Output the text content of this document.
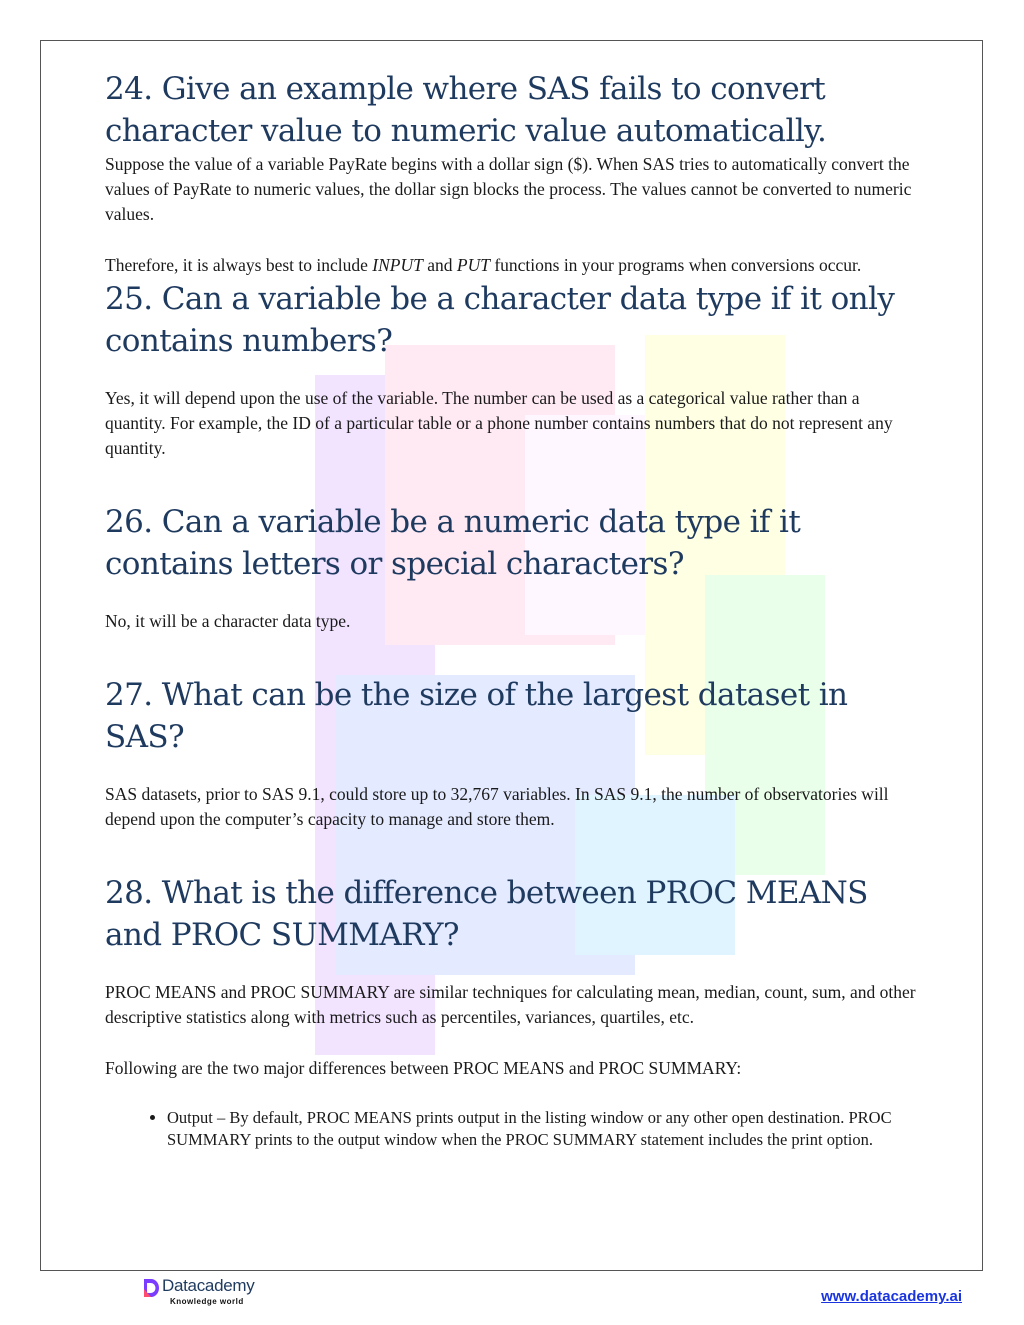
24. Give an example where SAS fails to convert character value to numeric value automatically.

Suppose the value of a variable PayRate begins with a dollar sign ($). When SAS tries to automatically convert the values of PayRate to numeric values, the dollar sign blocks the process. The values cannot be converted to numeric values.

Therefore, it is always best to include INPUT and PUT functions in your programs when conversions occur.

25. Can a variable be a character data type if it only contains numbers?

Yes, it will depend upon the use of the variable. The number can be used as a categorical value rather than a quantity. For example, the ID of a particular table or a phone number contains numbers that do not represent any quantity.

26. Can a variable be a numeric data type if it contains letters or special characters?

No, it will be a character data type.

27. What can be the size of the largest dataset in SAS?

SAS datasets, prior to SAS 9.1, could store up to 32,767 variables. In SAS 9.1, the number of observatories will depend upon the computer’s capacity to manage and store them.

28. What is the difference between PROC MEANS and PROC SUMMARY?

PROC MEANS and PROC SUMMARY are similar techniques for calculating mean, median, count, sum, and other descriptive statistics along with metrics such as percentiles, variances, quartiles, etc.

Following are the two major differences between PROC MEANS and PROC SUMMARY:

• Output – By default, PROC MEANS prints output in the listing window or any other open destination. PROC SUMMARY prints to the output window when the PROC SUMMARY statement includes the print option.
Datacademy
Knowledge world	www.datacademy.ai
